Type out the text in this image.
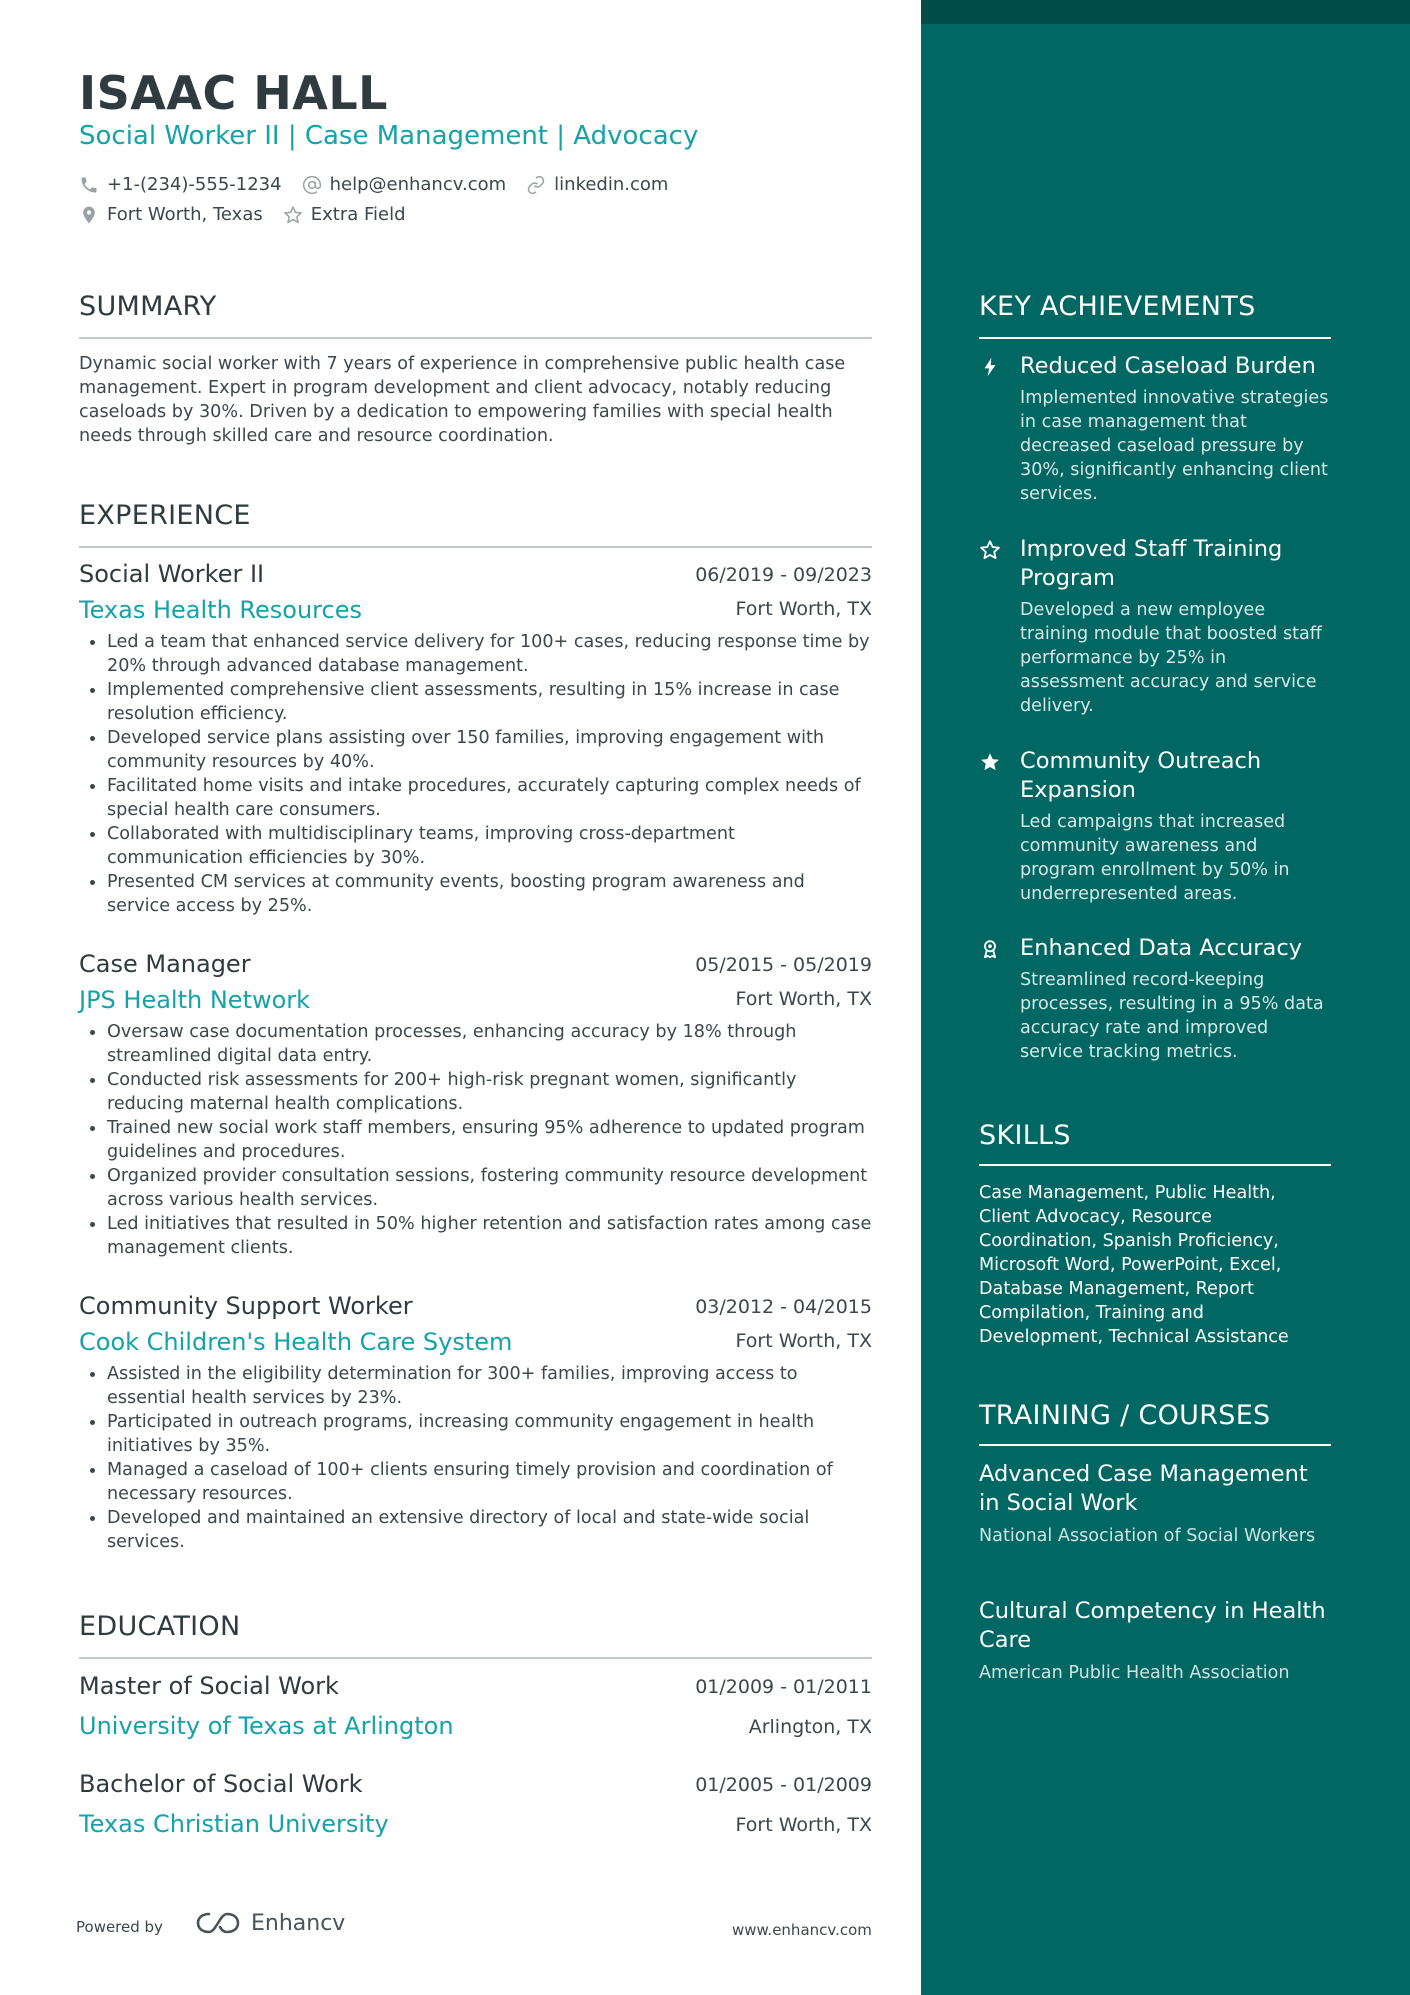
ISAAC HALL
Social Worker II | Case Management | Advocacy
+1-(234)-555-1234	help@enhancv.com	linkedin.com
Fort Worth, Texas	Extra Field
SUMMARY
Dynamic social worker with 7 years of experience in comprehensive public health case management. Expert in program development and client advocacy, notably reducing caseloads by 30%. Driven by a dedication to empowering families with special health needs through skilled care and resource coordination.
EXPERIENCE
Social Worker II	06/2019 - 09/2023
Texas Health Resources	Fort Worth, TX
Led a team that enhanced service delivery for 100+ cases, reducing response time by 20% through advanced database management.
Implemented comprehensive client assessments, resulting in 15% increase in case resolution efficiency.
Developed service plans assisting over 150 families, improving engagement with community resources by 40%.
Facilitated home visits and intake procedures, accurately capturing complex needs of special health care consumers.
Collaborated with multidisciplinary teams, improving cross-department communication efficiencies by 30%.
Presented CM services at community events, boosting program awareness and service access by 25%.
Case Manager	05/2015 - 05/2019
JPS Health Network	Fort Worth, TX
Oversaw case documentation processes, enhancing accuracy by 18% through streamlined digital data entry.
Conducted risk assessments for 200+ high-risk pregnant women, significantly reducing maternal health complications.
Trained new social work staff members, ensuring 95% adherence to updated program guidelines and procedures.
Organized provider consultation sessions, fostering community resource development across various health services.
Led initiatives that resulted in 50% higher retention and satisfaction rates among case management clients.
Community Support Worker	03/2012 - 04/2015
Cook Children's Health Care System	Fort Worth, TX
Assisted in the eligibility determination for 300+ families, improving access to essential health services by 23%.
Participated in outreach programs, increasing community engagement in health initiatives by 35%.
Managed a caseload of 100+ clients ensuring timely provision and coordination of necessary resources.
Developed and maintained an extensive directory of local and state-wide social services.
EDUCATION
Master of Social Work	01/2009 - 01/2011
University of Texas at Arlington	Arlington, TX
Bachelor of Social Work	01/2005 - 01/2009
Texas Christian University	Fort Worth, TX
KEY ACHIEVEMENTS
Reduced Caseload Burden
Implemented innovative strategies in case management that decreased caseload pressure by 30%, significantly enhancing client services.
Improved Staff Training Program
Developed a new employee training module that boosted staff performance by 25% in assessment accuracy and service delivery.
Community Outreach Expansion
Led campaigns that increased community awareness and program enrollment by 50% in underrepresented areas.
Enhanced Data Accuracy
Streamlined record-keeping processes, resulting in a 95% data accuracy rate and improved service tracking metrics.
SKILLS
Case Management, Public Health, Client Advocacy, Resource Coordination, Spanish Proficiency, Microsoft Word, PowerPoint, Excel, Database Management, Report Compilation, Training and Development, Technical Assistance
TRAINING / COURSES
Advanced Case Management in Social Work
National Association of Social Workers
Cultural Competency in Health Care
American Public Health Association
Powered by	Enhancv	www.enhancv.com
